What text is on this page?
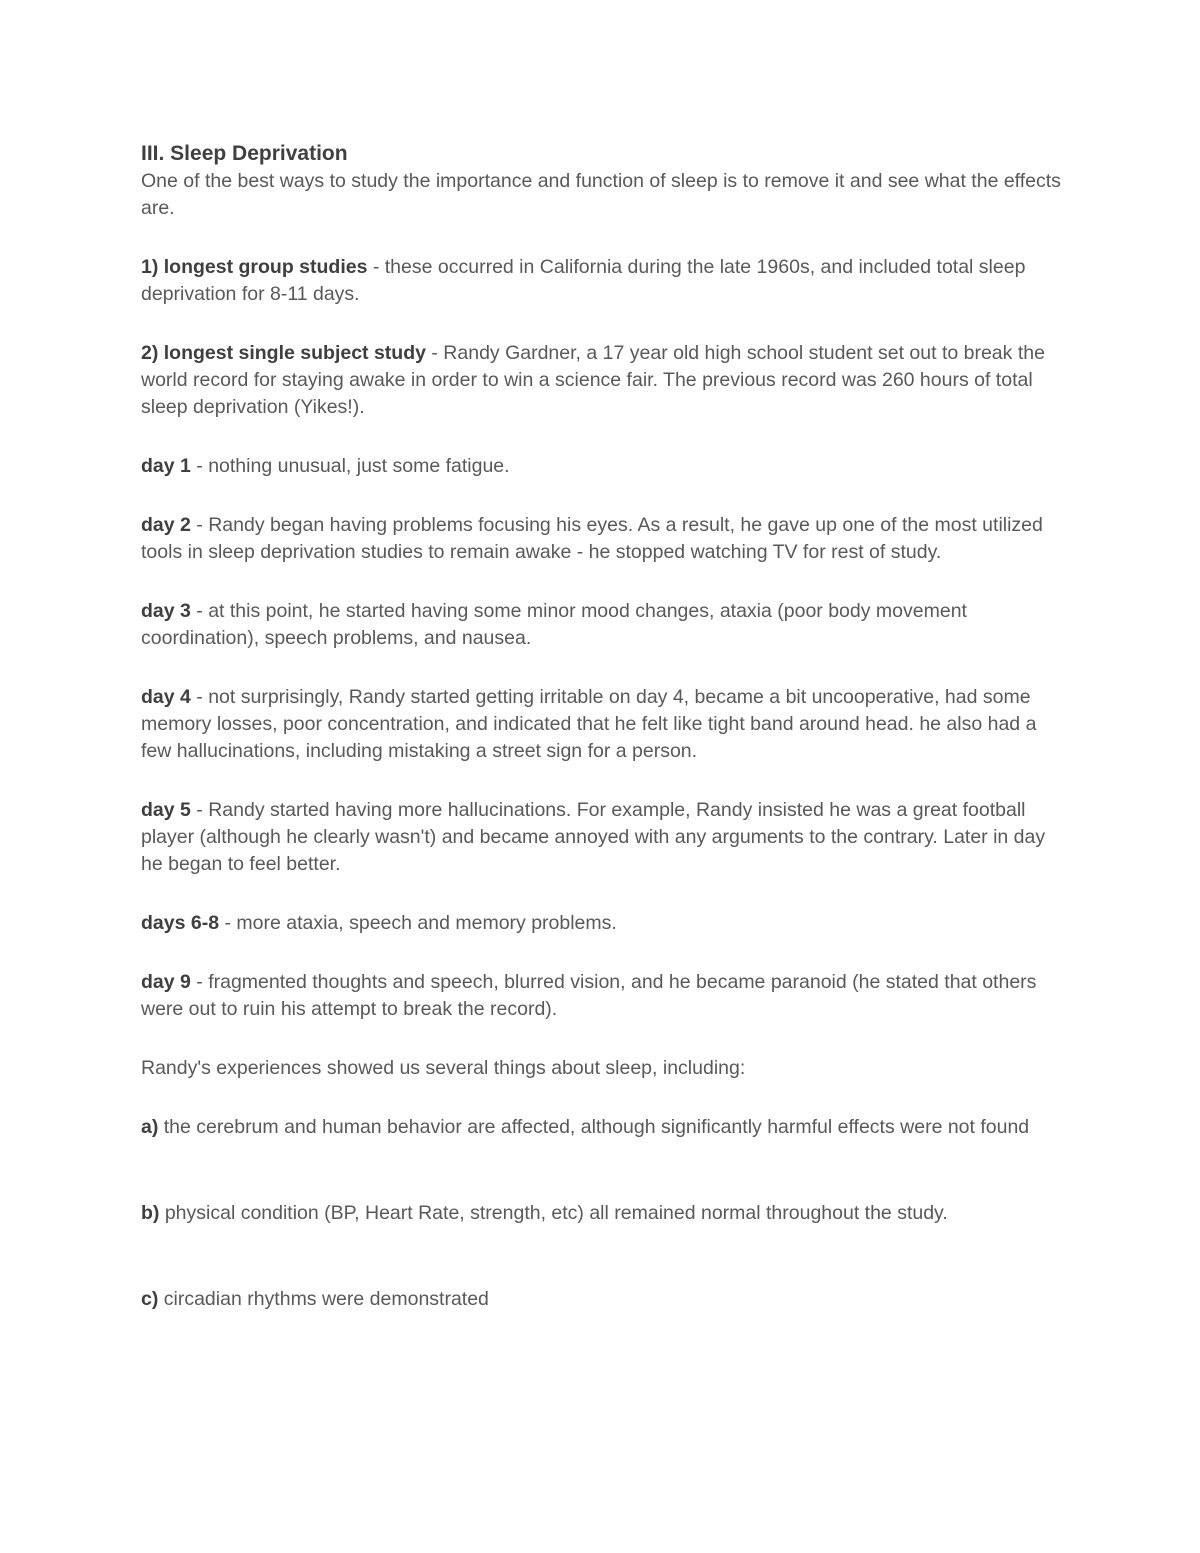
III. Sleep Deprivation

One of the best ways to study the importance and function of sleep is to remove it and see what the effects are.

1) longest group studies - these occurred in California during the late 1960s, and included total sleep deprivation for 8-11 days.

2) longest single subject study - Randy Gardner, a 17 year old high school student set out to break the world record for staying awake in order to win a science fair. The previous record was 260 hours of total sleep deprivation (Yikes!).

day 1 - nothing unusual, just some fatigue.

day 2 - Randy began having problems focusing his eyes. As a result, he gave up one of the most utilized tools in sleep deprivation studies to remain awake - he stopped watching TV for rest of study.

day 3 - at this point, he started having some minor mood changes, ataxia (poor body movement coordination), speech problems, and nausea.

day 4 - not surprisingly, Randy started getting irritable on day 4, became a bit uncooperative, had some memory losses, poor concentration, and indicated that he felt like tight band around head. he also had a few hallucinations, including mistaking a street sign for a person.

day 5 - Randy started having more hallucinations. For example, Randy insisted he was a great football player (although he clearly wasn't) and became annoyed with any arguments to the contrary. Later in day he began to feel better.

days 6-8 - more ataxia, speech and memory problems.

day 9 - fragmented thoughts and speech, blurred vision, and he became paranoid (he stated that others were out to ruin his attempt to break the record).

Randy's experiences showed us several things about sleep, including:

a) the cerebrum and human behavior are affected, although significantly harmful effects were not found

b) physical condition (BP, Heart Rate, strength, etc) all remained normal throughout the study.

c) circadian rhythms were demonstrated
